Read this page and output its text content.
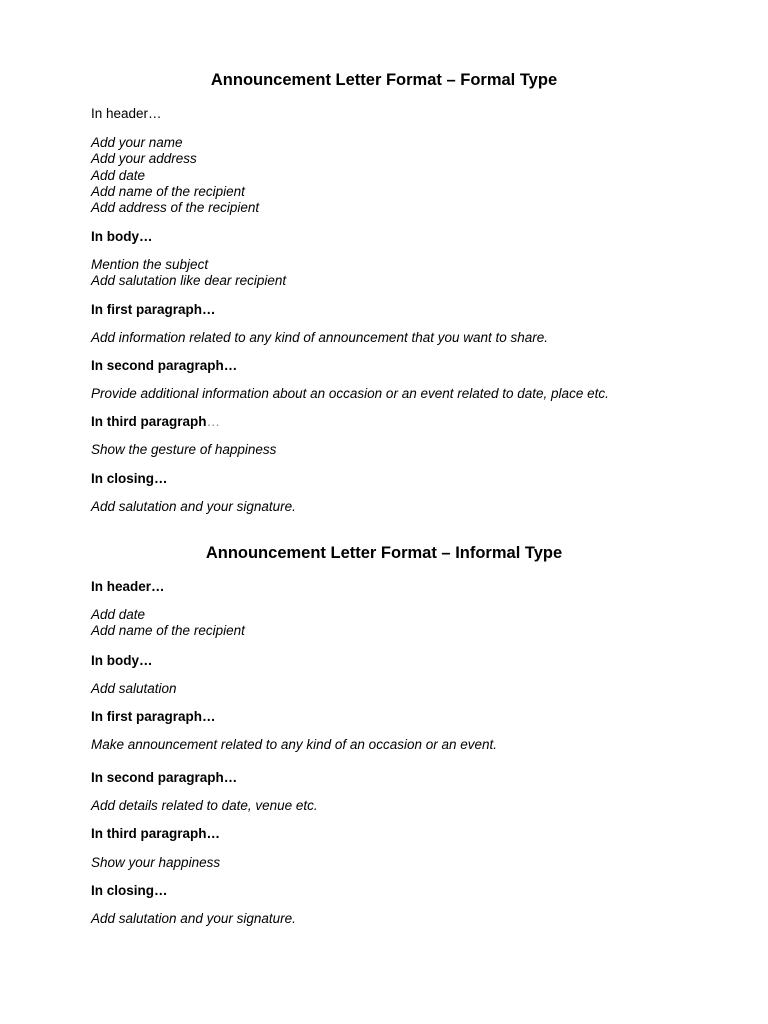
Announcement Letter Format – Formal Type

In header…

Add your name
Add your address
Add date
Add name of the recipient
Add address of the recipient

In body…

Mention the subject
Add salutation like dear recipient

In first paragraph…

Add information related to any kind of announcement that you want to share.

In second paragraph…

Provide additional information about an occasion or an event related to date, place etc.

In third paragraph…

Show the gesture of happiness

In closing…

Add salutation and your signature.

Announcement Letter Format – Informal Type

In header…

Add date
Add name of the recipient

In body…

Add salutation

In first paragraph…

Make announcement related to any kind of an occasion or an event.

In second paragraph…

Add details related to date, venue etc.

In third paragraph…

Show your happiness

In closing…

Add salutation and your signature.
